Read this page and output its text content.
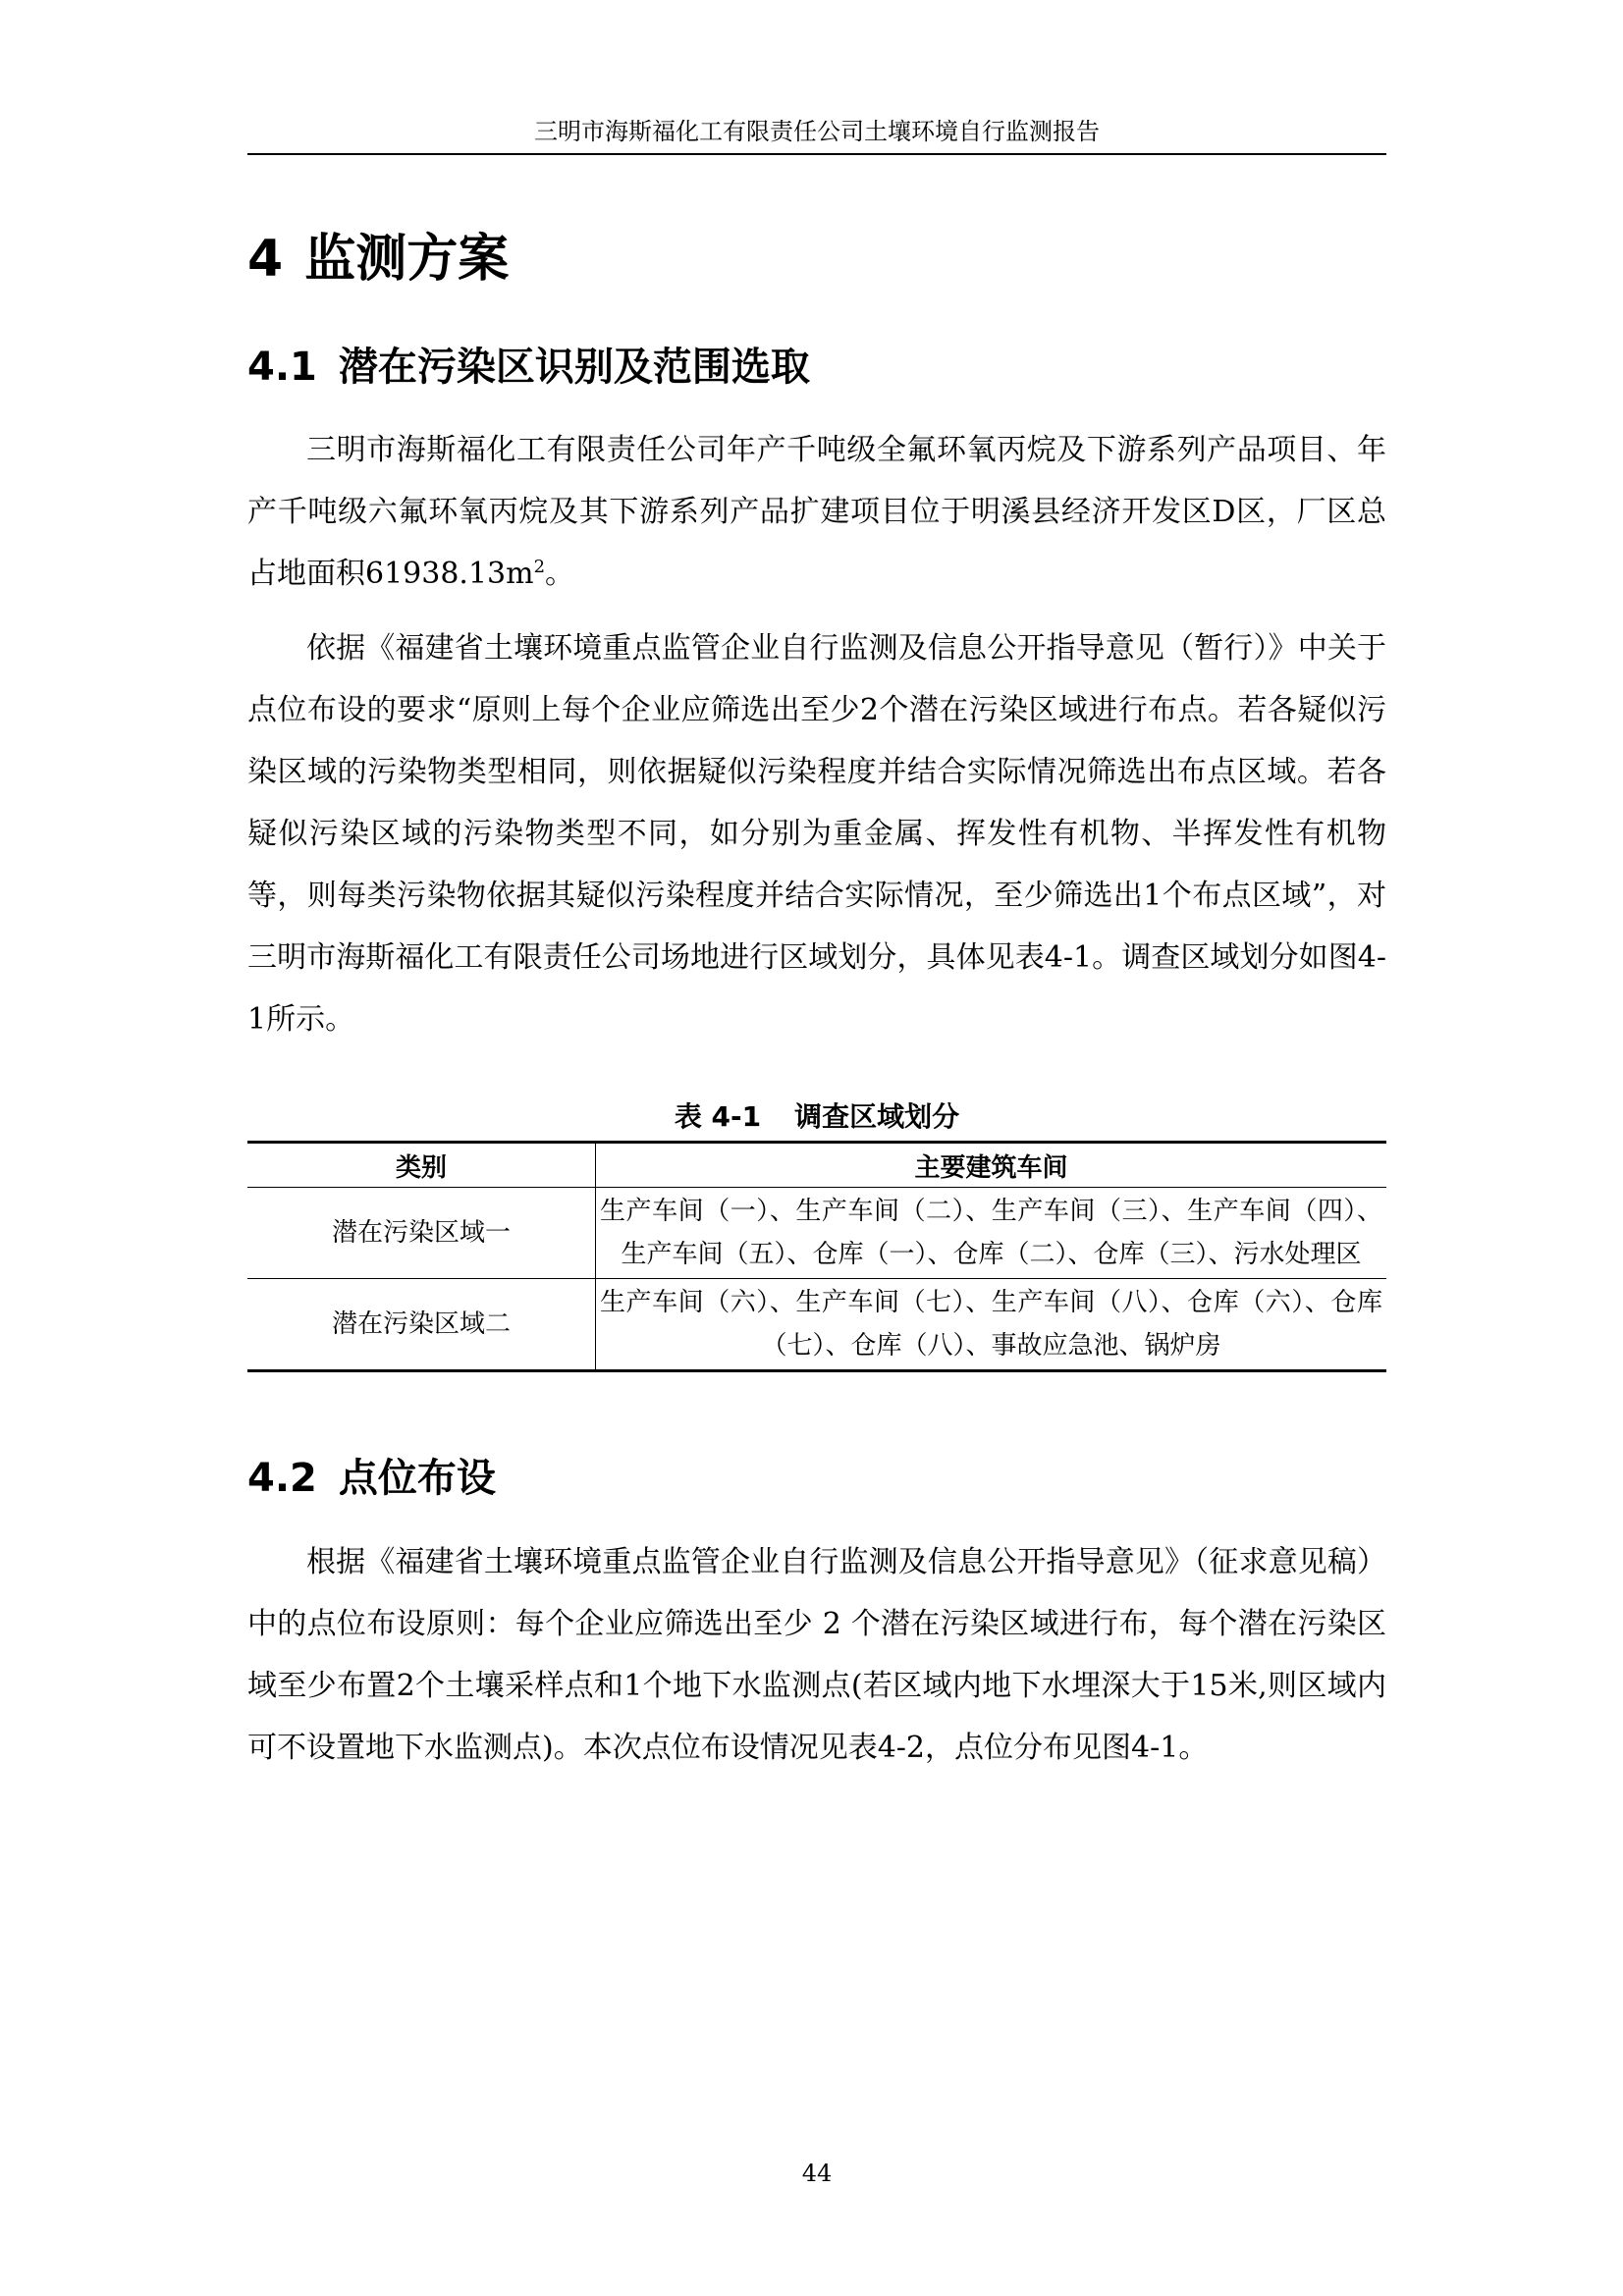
三明市海斯福化工有限责任公司土壤环境自行监测报告
4 监测方案
4.1 潜在污染区识别及范围选取

三明市海斯福化工有限责任公司年产千吨级全氟环氧丙烷及下游系列产品项目、年产千吨级六氟环氧丙烷及其下游系列产品扩建项目位于明溪县经济开发区D区，厂区总占地面积$61938.13m^2$。

依据《福建省土壤环境重点监管企业自行监测及信息公开指导意见（暂行）》中关于点位布设的要求“原则上每个企业应筛选出至少2个潜在污染区域进行布点。若各疑似污染区域的污染物类型相同，则依据疑似污染程度并结合实际情况筛选出布点区域。若各疑似污染区域的污染物类型不同，如分别为重金属、挥发性有机物、半挥发性有机物等，则每类污染物依据其疑似污染程度并结合实际情况，至少筛选出1个布点区域”，对三明市海斯福化工有限责任公司场地进行区域划分，具体见表4-1。调查区域划分如图4-1所示。

表 4-1 调查区域划分
类别	主要建筑车间
潜在污染区域一	生产车间（一）、生产车间（二）、生产车间（三）、生产车间（四）、生产车间（五）、仓库（一）、仓库（二）、仓库（三）、污水处理区
潜在污染区域二	生产车间（六）、生产车间（七）、生产车间（八）、仓库（六）、仓库（七）、仓库（八）、事故应急池、锅炉房
4.2 点位布设

根据《福建省土壤环境重点监管企业自行监测及信息公开指导意见》（征求意见稿）中的点位布设原则：每个企业应筛选出至少 2 个潜在污染区域进行布，每个潜在污染区域至少布置2个土壤采样点和1个地下水监测点(若区域内地下水埋深大于15米,则区域内可不设置地下水监测点)。本次点位布设情况见表4-2，点位分布见图4-1。

44
